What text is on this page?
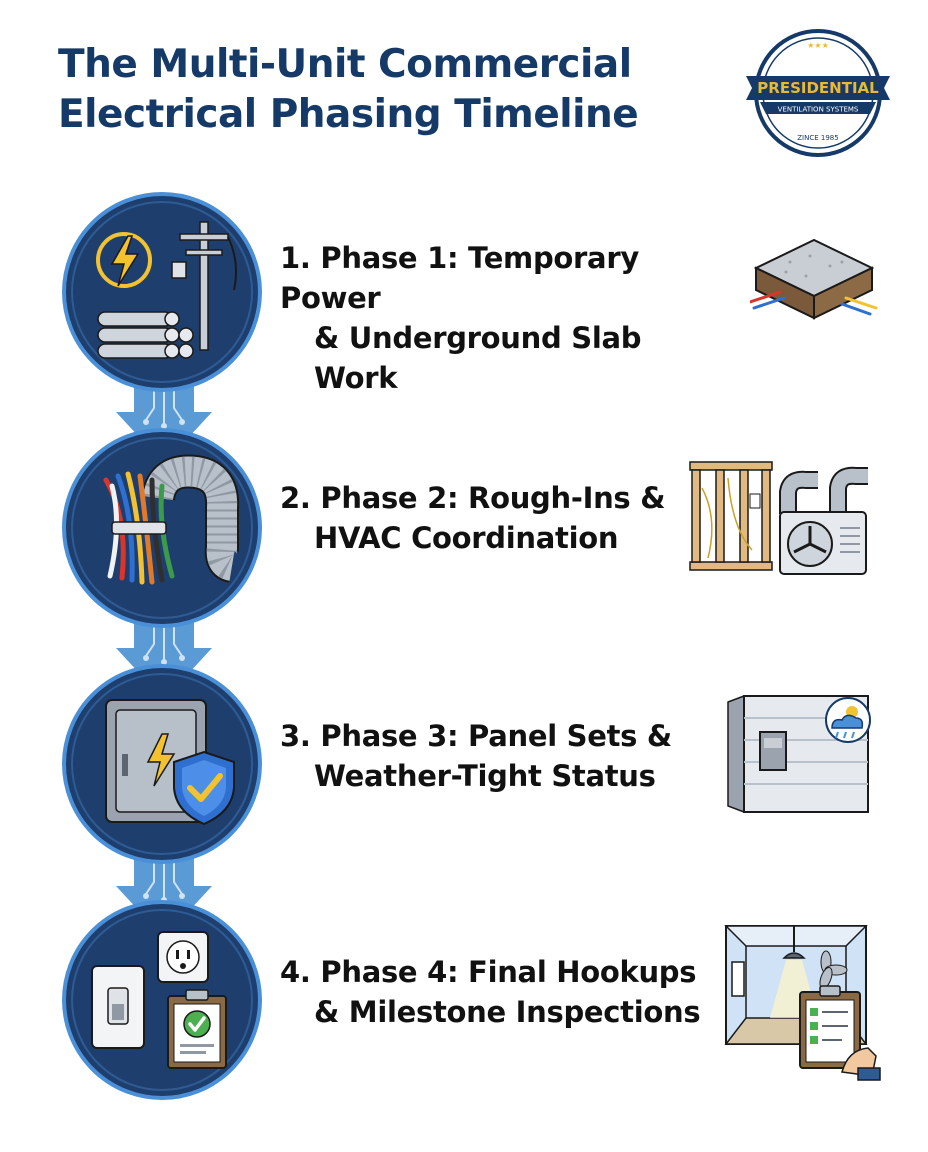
The Multi-Unit Commercial
Electrical Phasing Timeline
★★★
PRESIDENTIAL
VENTILATION SYSTEMS
ZINCE 1985
1. Phase 1: Temporary Power
& Underground Slab Work
2. Phase 2: Rough-Ins &
HVAC Coordination
3. Phase 3: Panel Sets &
Weather-Tight Status
4. Phase 4: Final Hookups
& Milestone Inspections
